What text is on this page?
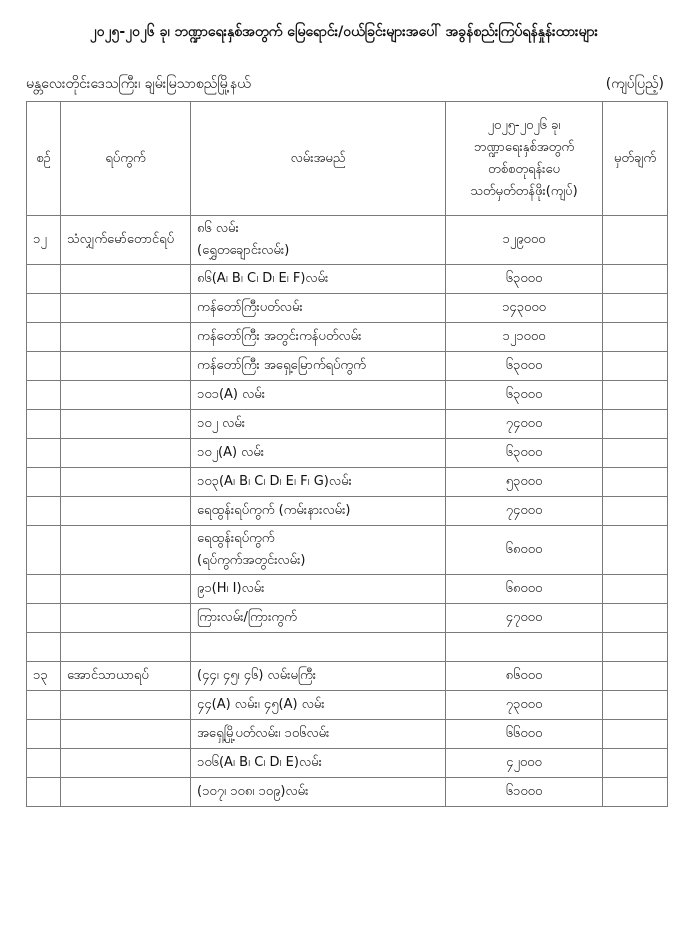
၂၀၂၅-၂၀၂၆ ခု၊ ဘဏ္ဍာရေးနှစ်အတွက် မြေရောင်း/ဝယ်ခြင်းများအပေါ် အခွန်စည်းကြပ်ရန်နှုန်းထားများ
မန္တလေးတိုင်းဒေသကြီး၊ ချမ်းမြသာစည်မြို့နယ်	(ကျပ်ပြည့်)
စဉ်	ရပ်ကွက်	လမ်းအမည်	၂၀၂၅-၂၀၂၆ ခု၊
ဘဏ္ဍာရေးနှစ်အတွက်
တစ်စတုရန်းပေ
သတ်မှတ်တန်ဖိုး(ကျပ်)	မှတ်ချက်
၁၂	သံလျှက်မော်တောင်ရပ်	၈၆ လမ်း
(ရွှေတချောင်းလမ်း)	၁၂၉၀၀၀	

		၈၆(A၊ B၊ C၊ D၊ E၊ F)လမ်း	၆၃၀၀၀	

		ကန်တော်ကြီးပတ်လမ်း	၁၄၃၀၀၀	

		ကန်တော်ကြီး အတွင်းကန်ပတ်လမ်း	၁၂၁၀၀၀	

		ကန်တော်ကြီး အရှေ့မြောက်ရပ်ကွက်	၆၃၀၀၀	

		၁၀၁(A) လမ်း	၆၃၀၀၀	

		၁၀၂ လမ်း	၇၄၀၀၀	

		၁၀၂(A) လမ်း	၆၃၀၀၀	

		၁၀၃(A၊ B၊ C၊ D၊ E၊ F၊ G)လမ်း	၅၃၀၀၀	

		ရေထွန်းရပ်ကွက် (ကမ်းနားလမ်း)	၇၄၀၀၀	

		ရေထွန်းရပ်ကွက်
(ရပ်ကွက်အတွင်းလမ်း)	၆၈၀၀၀	

		၉၁(H၊ I)လမ်း	၆၈၀၀၀	

		ကြားလမ်း/ကြားကွက်	၄၇၀၀၀	

၁၃	အောင်သာယာရပ်	(၄၄၊ ၄၅၊ ၄၆) လမ်းမကြီး	၈၆၀၀၀	

		၄၄(A) လမ်း၊ ၄၅(A) လမ်း	၇၃၀၀၀	

		အရှေ့မြို့ပတ်လမ်း၊ ၁၀၆လမ်း	၆၆၀၀၀	

		၁၀၆(A၊ B၊ C၊ D၊ E)လမ်း	၄၂၀၀၀	

		(၁၀၇၊ ၁၀၈၊ ၁၀၉)လမ်း	၆၁၀၀၀	
